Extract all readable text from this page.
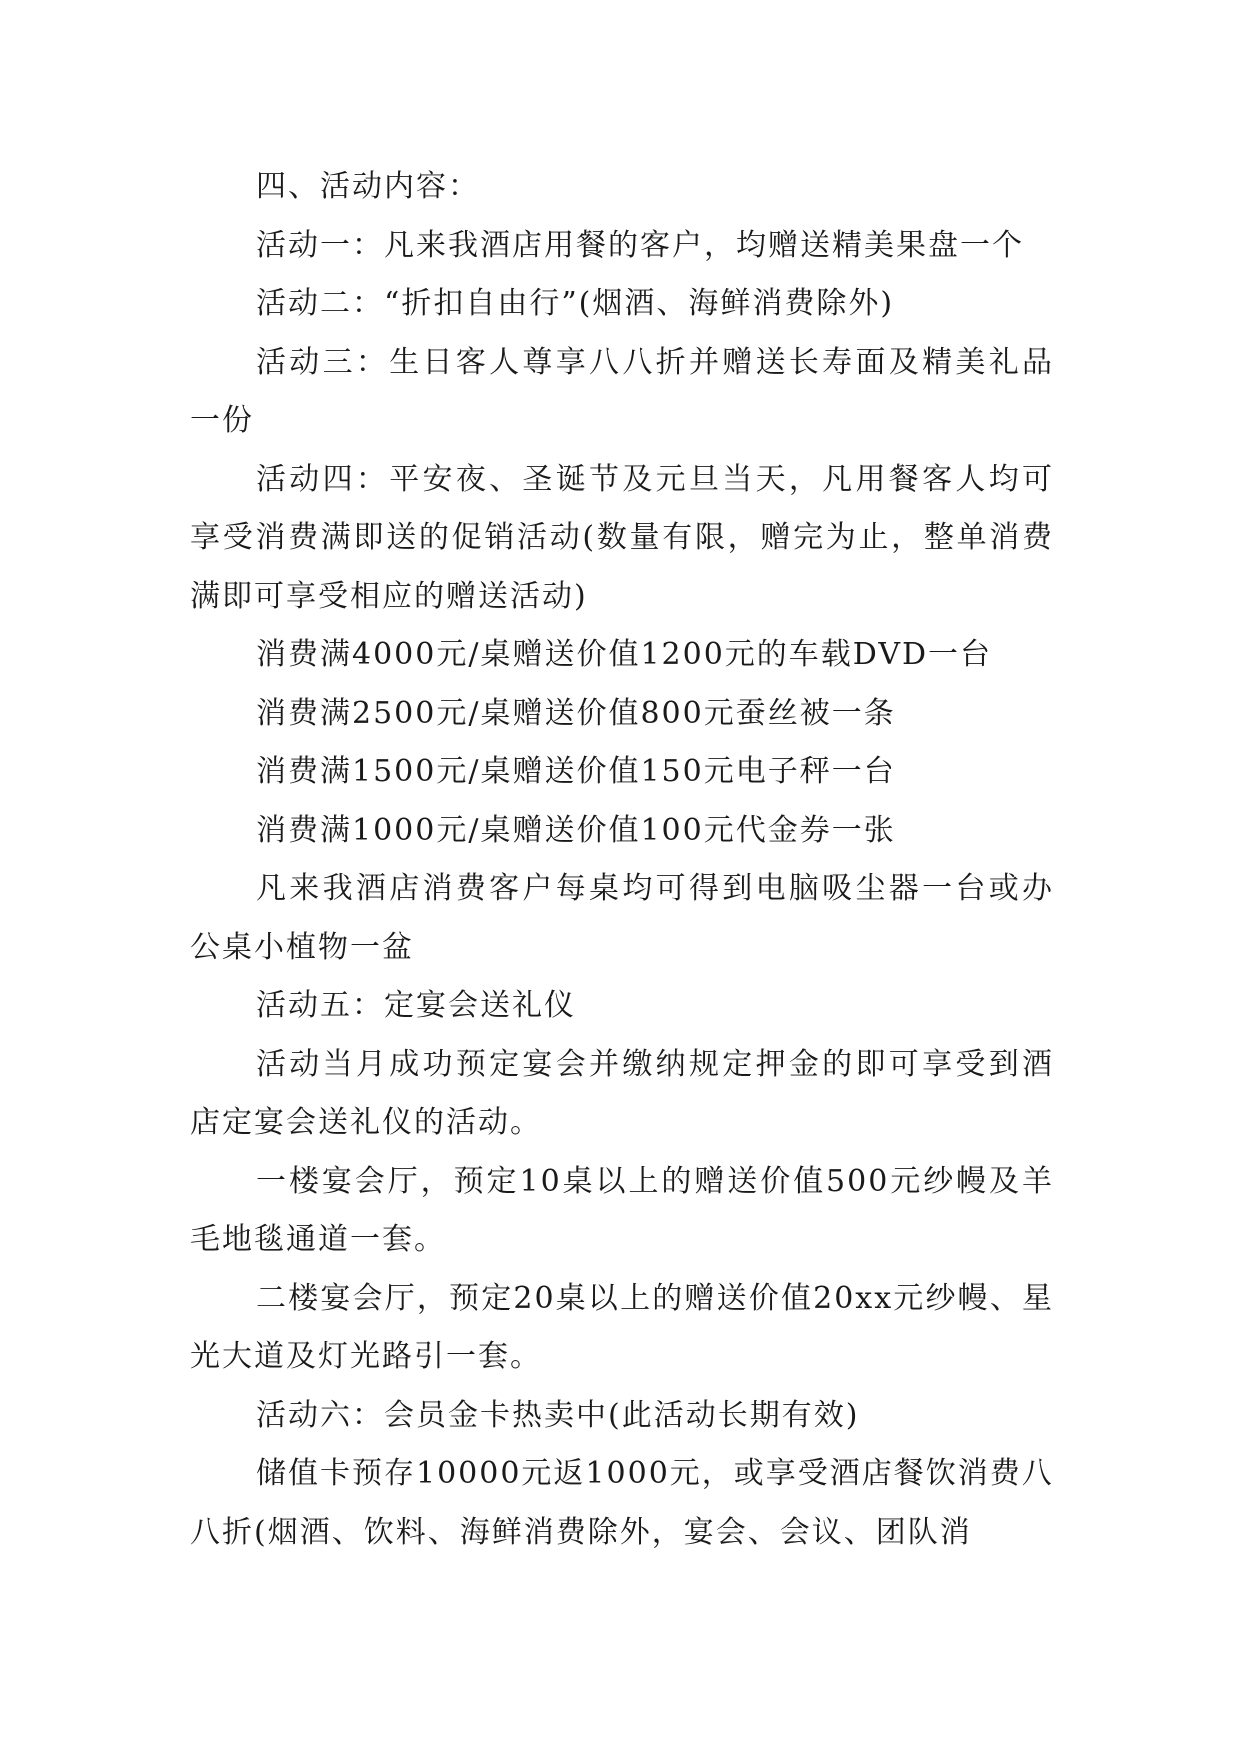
四、活动内容：

活动一：凡来我酒店用餐的客户，均赠送精美果盘一个

活动二：“折扣自由行”(烟酒、海鲜消费除外)

活动三：生日客人尊享八八折并赠送长寿面及精美礼品一份

活动四：平安夜、圣诞节及元旦当天，凡用餐客人均可享受消费满即送的促销活动(数量有限，赠完为止，整单消费满即可享受相应的赠送活动)

消费满4000元/桌赠送价值1200元的车载DVD一台

消费满2500元/桌赠送价值800元蚕丝被一条

消费满1500元/桌赠送价值150元电子秤一台

消费满1000元/桌赠送价值100元代金券一张

凡来我酒店消费客户每桌均可得到电脑吸尘器一台或办公桌小植物一盆

活动五：定宴会送礼仪

活动当月成功预定宴会并缴纳规定押金的即可享受到酒店定宴会送礼仪的活动。

一楼宴会厅，预定10桌以上的赠送价值500元纱幔及羊毛地毯通道一套。

二楼宴会厅，预定20桌以上的赠送价值20xx元纱幔、星光大道及灯光路引一套。

活动六：会员金卡热卖中(此活动长期有效)

储值卡预存10000元返1000元，或享受酒店餐饮消费八八折(烟酒、饮料、海鲜消费除外，宴会、会议、团队消
